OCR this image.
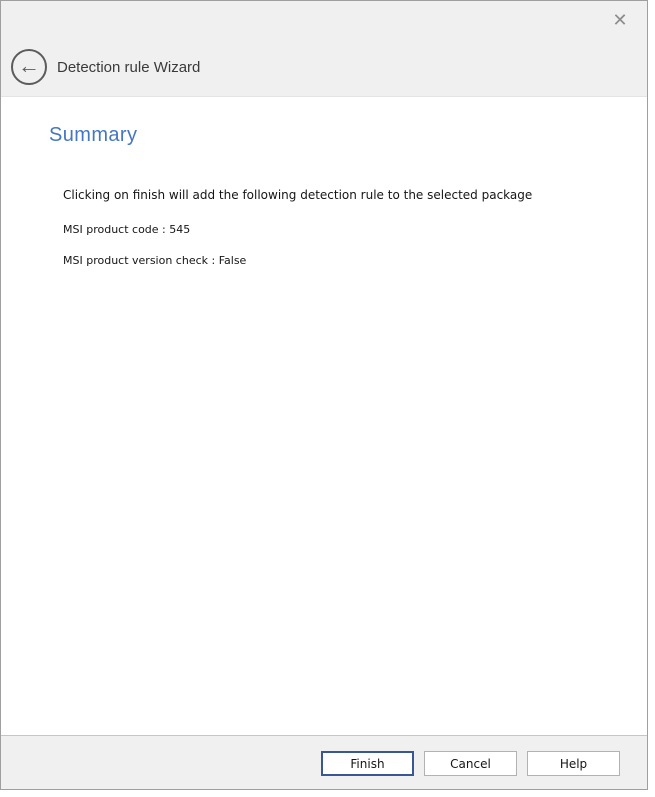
✕
← Detection rule Wizard
Summary
Clicking on finish will add the following detection rule to the selected package
MSI product code : 545
MSI product version check : False
Finish	Cancel	Help
